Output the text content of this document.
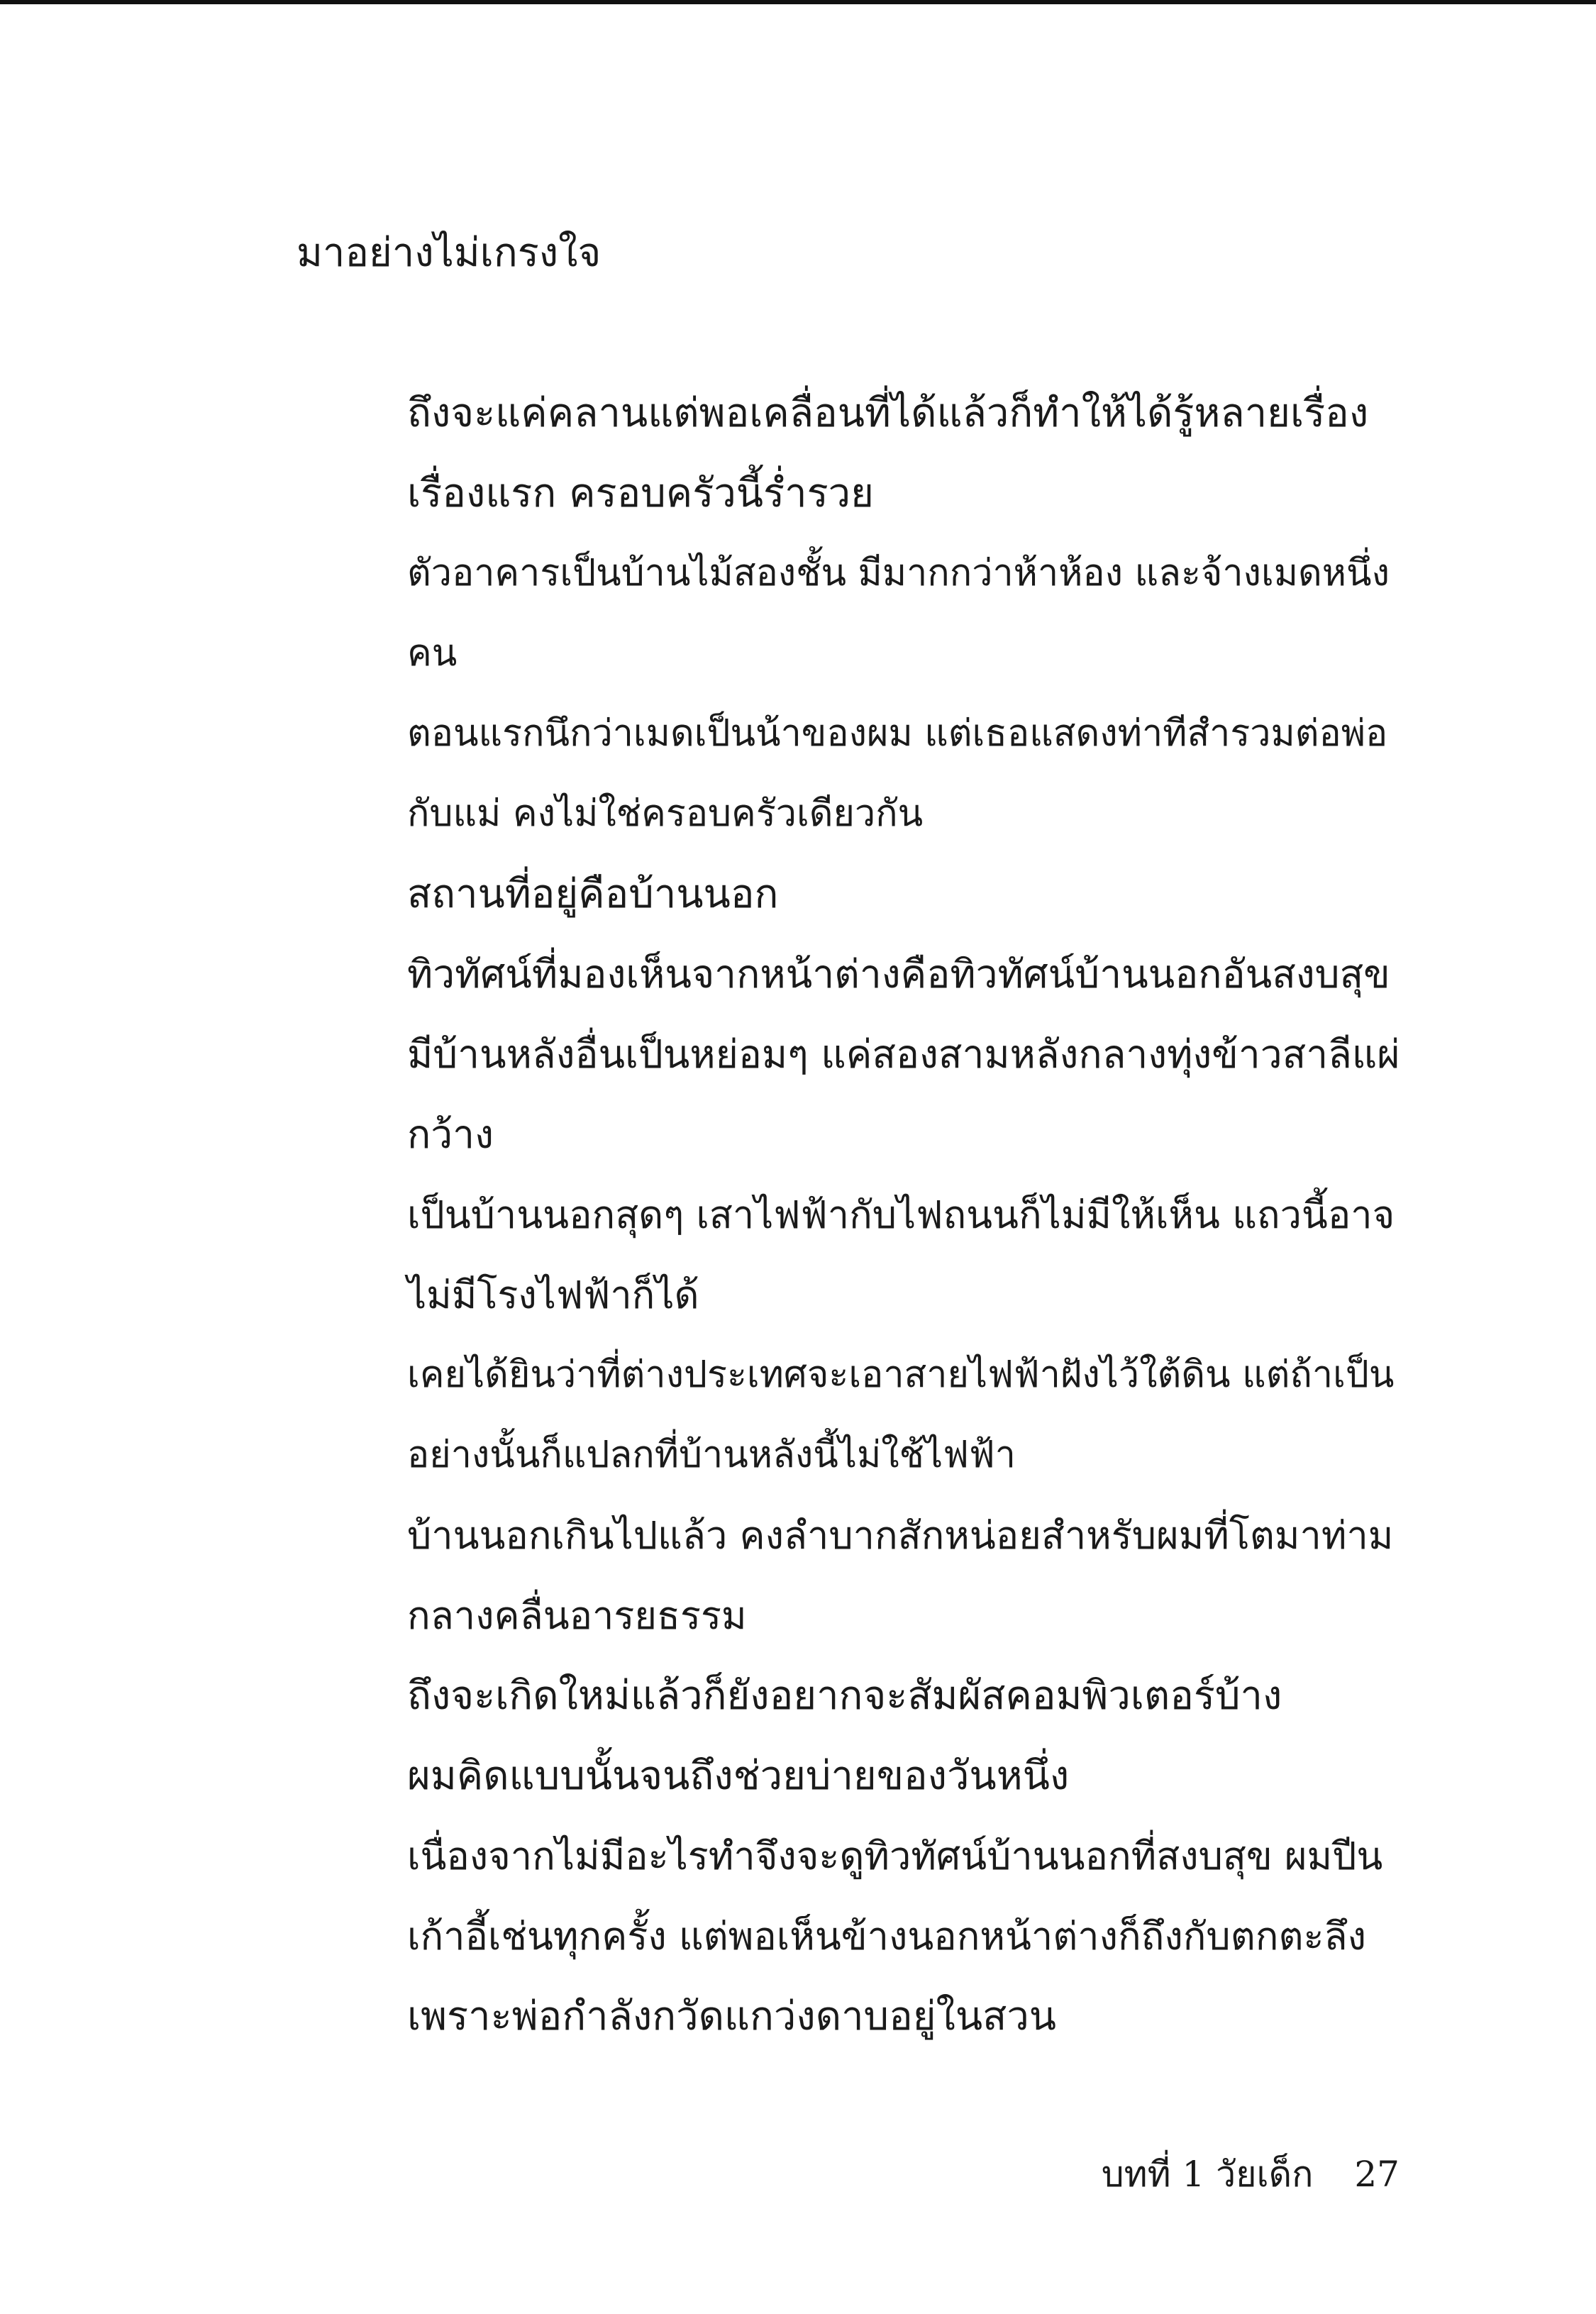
มาอย่างไม่เกรงใจ

ถึงจะแค่คลานแต่พอเคลื่อนที่ได้แล้วก็ทำให้ได้รู้หลายเรื่อง

เรื่องแรก ครอบครัวนี้ร่ำรวย

ตัวอาคารเป็นบ้านไม้สองชั้น มีมากกว่าห้าห้อง และจ้างเมดหนึ่ง
คน

ตอนแรกนึกว่าเมดเป็นน้าของผม แต่เธอแสดงท่าทีสำรวมต่อพ่อ
กับแม่ คงไม่ใช่ครอบครัวเดียวกัน

สถานที่อยู่คือบ้านนอก

ทิวทัศน์ที่มองเห็นจากหน้าต่างคือทิวทัศน์บ้านนอกอันสงบสุข

มีบ้านหลังอื่นเป็นหย่อมๆ แค่สองสามหลังกลางทุ่งข้าวสาลีแผ่
กว้าง

เป็นบ้านนอกสุดๆ เสาไฟฟ้ากับไฟถนนก็ไม่มีให้เห็น แถวนี้อาจ
ไม่มีโรงไฟฟ้าก็ได้

เคยได้ยินว่าที่ต่างประเทศจะเอาสายไฟฟ้าฝังไว้ใต้ดิน แต่ถ้าเป็น
อย่างนั้นก็แปลกที่บ้านหลังนี้ไม่ใช้ไฟฟ้า

บ้านนอกเกินไปแล้ว คงลำบากสักหน่อยสำหรับผมที่โตมาท่าม
กลางคลื่นอารยธรรม

ถึงจะเกิดใหม่แล้วก็ยังอยากจะสัมผัสคอมพิวเตอร์บ้าง

ผมคิดแบบนั้นจนถึงช่วยบ่ายของวันหนึ่ง

เนื่องจากไม่มีอะไรทำจึงจะดูทิวทัศน์บ้านนอกที่สงบสุข ผมปีน
เก้าอี้เช่นทุกครั้ง แต่พอเห็นข้างนอกหน้าต่างก็ถึงกับตกตะลึง

เพราะพ่อกำลังกวัดแกว่งดาบอยู่ในสวน

บทที่ 1 วัยเด็ก 27
